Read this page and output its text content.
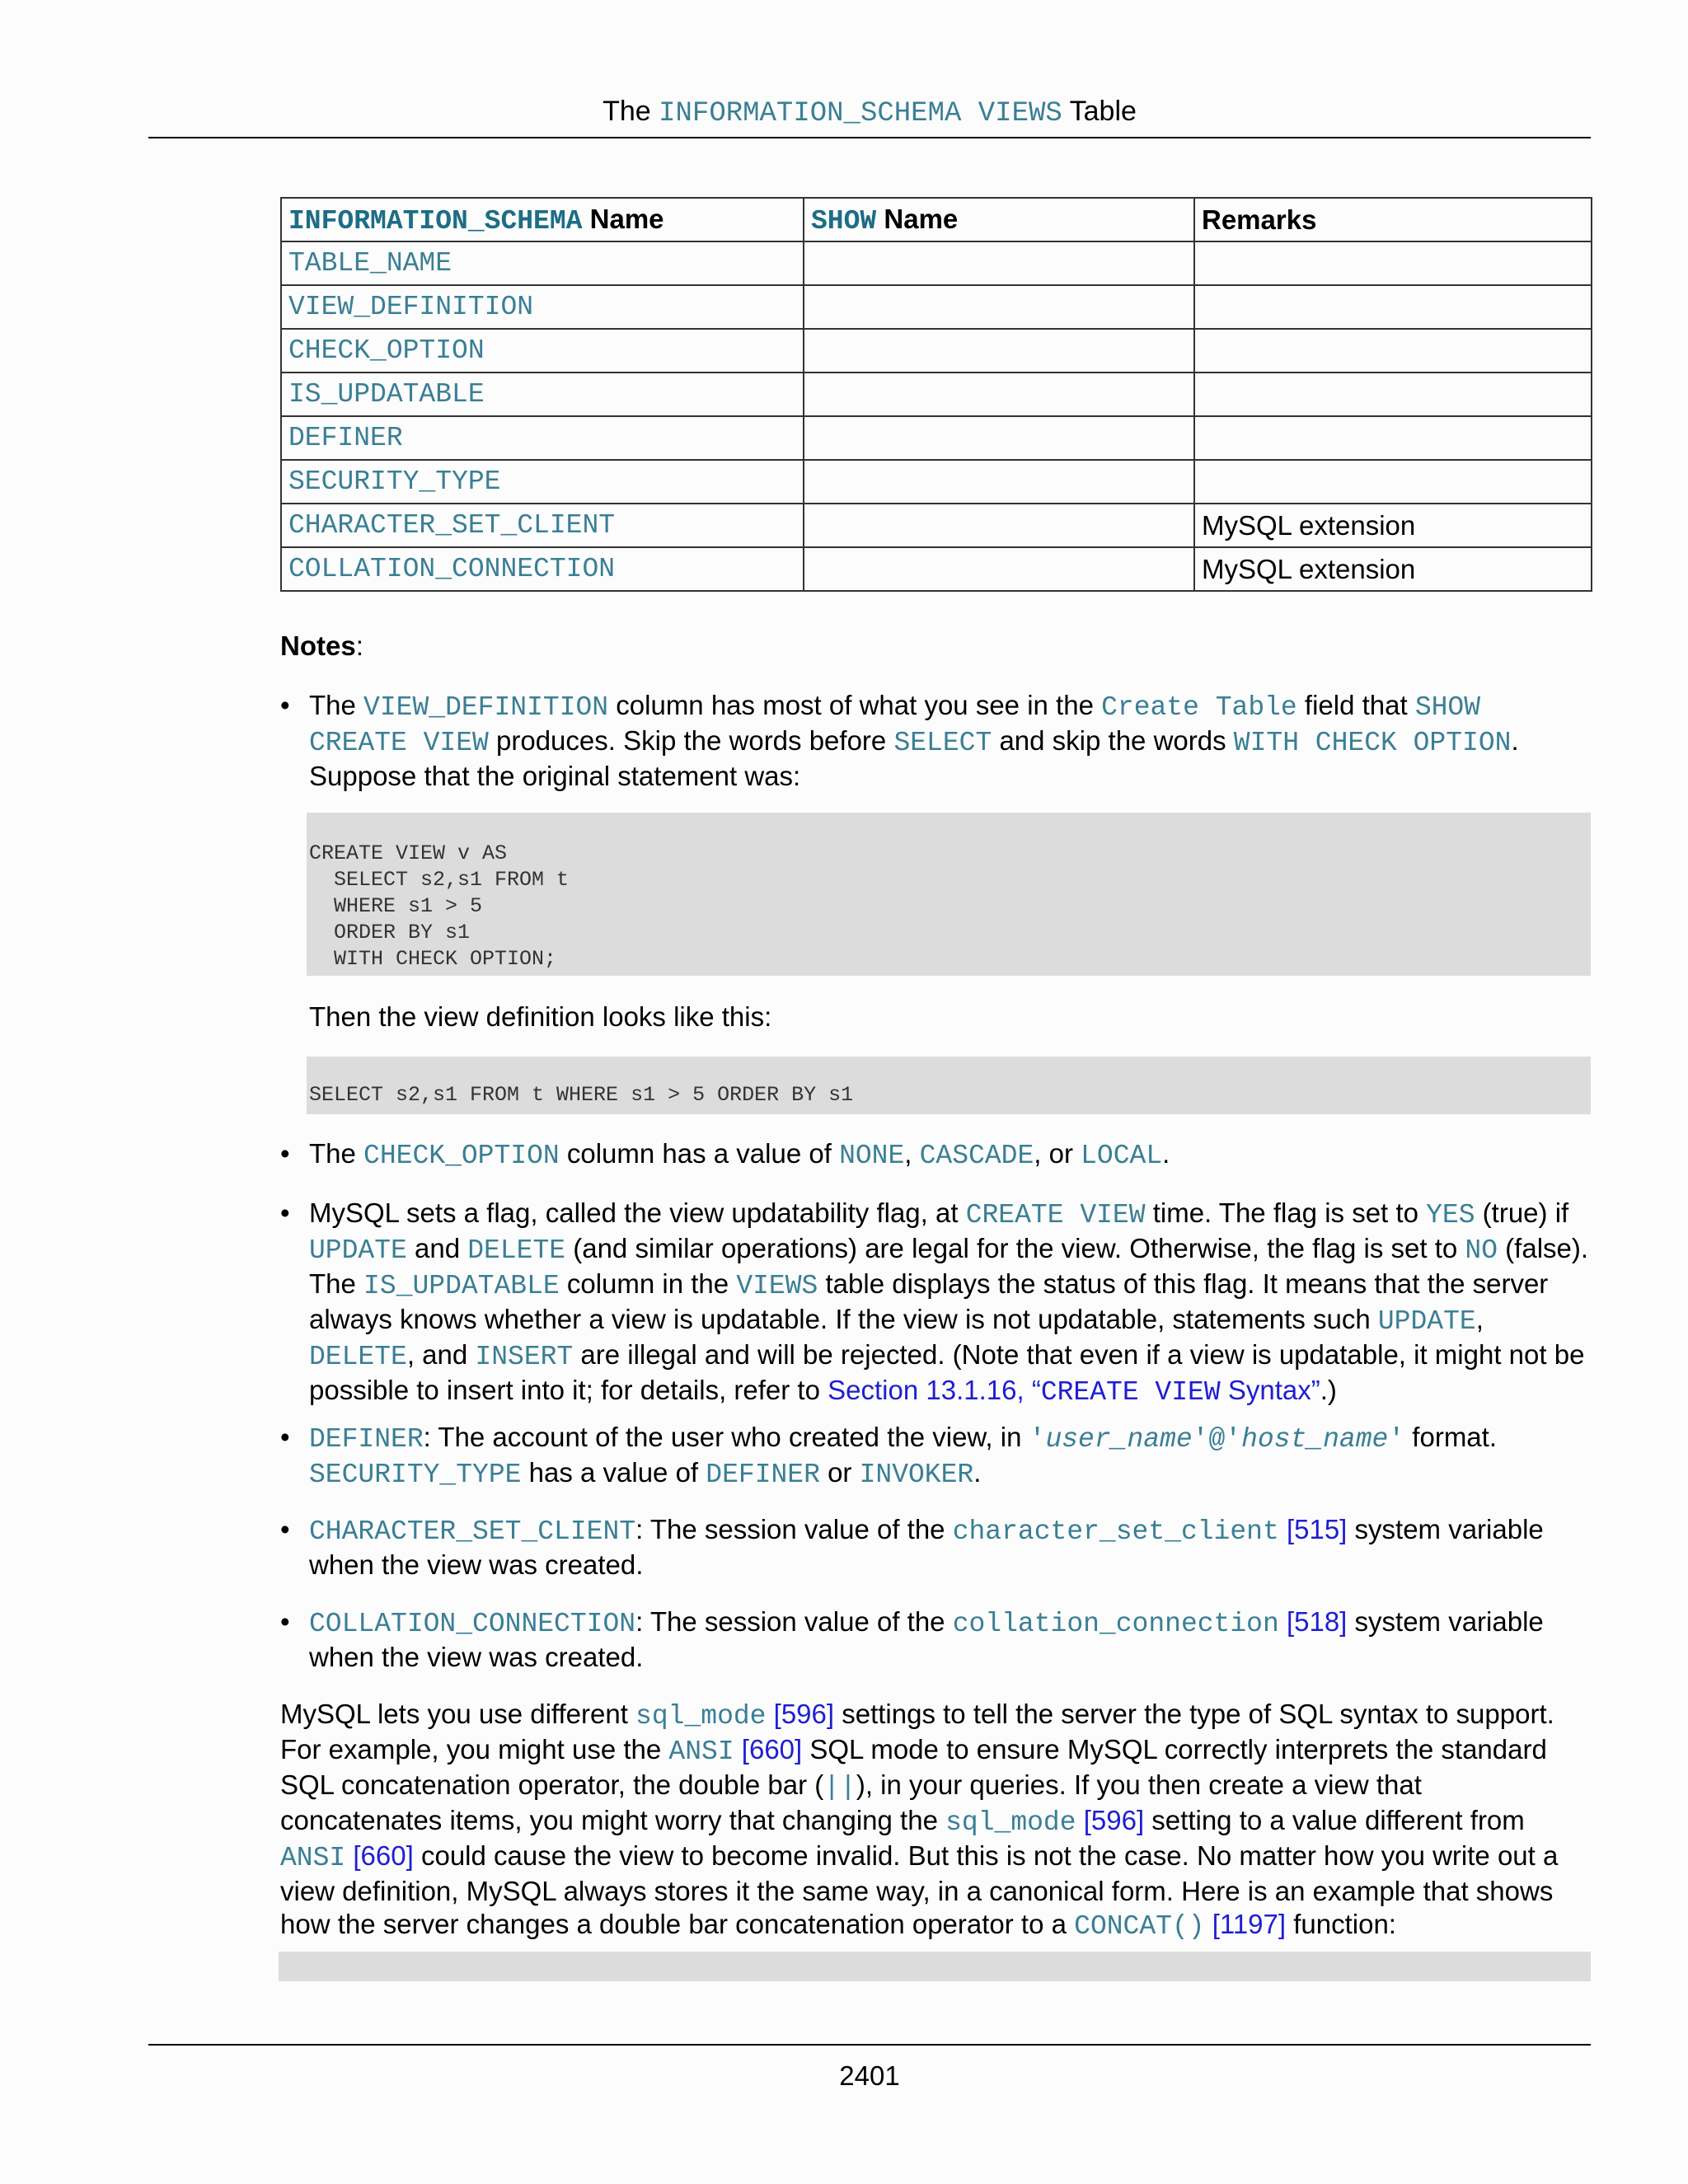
The INFORMATION_SCHEMA VIEWS Table
INFORMATION_SCHEMA Name	SHOW Name	Remarks
TABLE_NAME		
VIEW_DEFINITION		
CHECK_OPTION		
IS_UPDATABLE		
DEFINER		
SECURITY_TYPE		
CHARACTER_SET_CLIENT		MySQL extension
COLLATION_CONNECTION		MySQL extension
Notes:
• The VIEW_DEFINITION column has most of what you see in the Create Table field that SHOW CREATE VIEW produces. Skip the words before SELECT and skip the words WITH CHECK OPTION. Suppose that the original statement was:
CREATE VIEW v AS
SELECT s2,s1 FROM t
WHERE s1 > 5
ORDER BY s1
WITH CHECK OPTION;
Then the view definition looks like this:
SELECT s2,s1 FROM t WHERE s1 > 5 ORDER BY s1
• The CHECK_OPTION column has a value of NONE, CASCADE, or LOCAL.
• MySQL sets a flag, called the view updatability flag, at CREATE VIEW time. The flag is set to YES (true) if UPDATE and DELETE (and similar operations) are legal for the view. Otherwise, the flag is set to NO (false). The IS_UPDATABLE column in the VIEWS table displays the status of this flag. It means that the server always knows whether a view is updatable. If the view is not updatable, statements such UPDATE, DELETE, and INSERT are illegal and will be rejected. (Note that even if a view is updatable, it might not be possible to insert into it; for details, refer to Section 13.1.16, “CREATE VIEW Syntax”.)
• DEFINER: The account of the user who created the view, in 'user_name'@'host_name' format. SECURITY_TYPE has a value of DEFINER or INVOKER.
• CHARACTER_SET_CLIENT: The session value of the character_set_client [515] system variable when the view was created.
• COLLATION_CONNECTION: The session value of the collation_connection [518] system variable when the view was created.
MySQL lets you use different sql_mode [596] settings to tell the server the type of SQL syntax to support. For example, you might use the ANSI [660] SQL mode to ensure MySQL correctly interprets the standard SQL concatenation operator, the double bar (||), in your queries. If you then create a view that concatenates items, you might worry that changing the sql_mode [596] setting to a value different from ANSI [660] could cause the view to become invalid. But this is not the case. No matter how you write out a view definition, MySQL always stores it the same way, in a canonical form. Here is an example that shows how the server changes a double bar concatenation operator to a CONCAT() [1197] function:
2401
